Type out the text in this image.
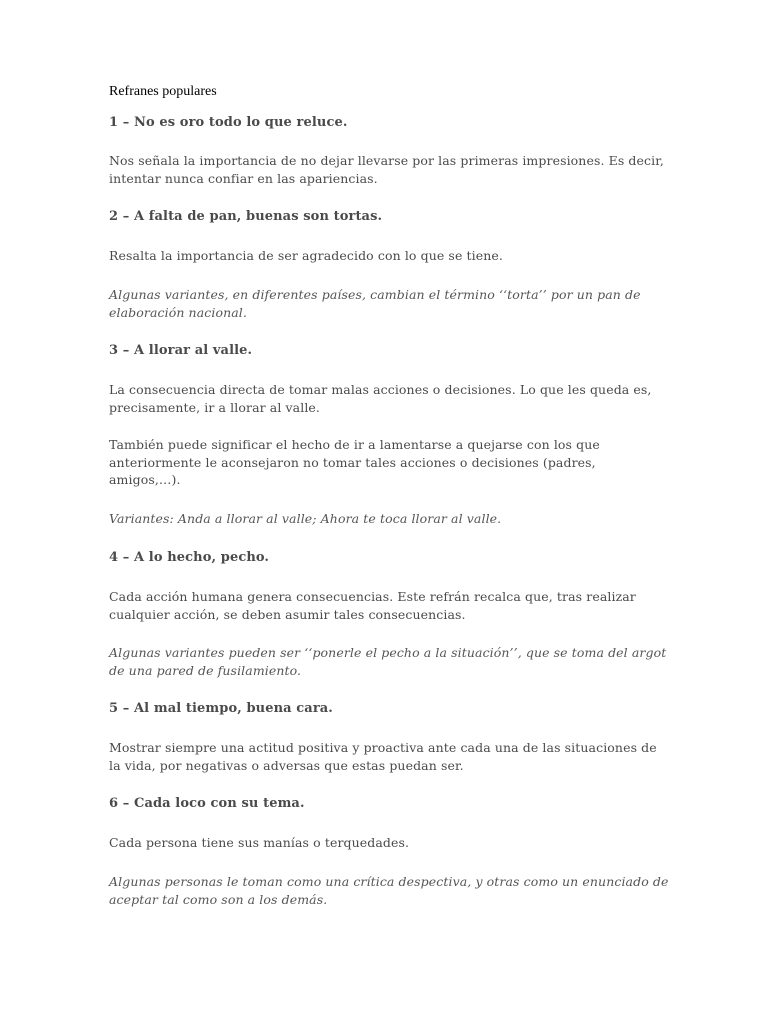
Refranes populares

1 – No es oro todo lo que reluce.

Nos señala la importancia de no dejar llevarse por las primeras impresiones. Es decir, intentar nunca confiar en las apariencias.

2 – A falta de pan, buenas son tortas.

Resalta la importancia de ser agradecido con lo que se tiene.

Algunas variantes, en diferentes países, cambian el término ‘‘torta’’ por un pan de elaboración nacional.

3 – A llorar al valle.

La consecuencia directa de tomar malas acciones o decisiones. Lo que les queda es, precisamente, ir a llorar al valle.

También puede significar el hecho de ir a lamentarse a quejarse con los que anteriormente le aconsejaron no tomar tales acciones o decisiones (padres, amigos,…).

Variantes: Anda a llorar al valle; Ahora te toca llorar al valle.

4 – A lo hecho, pecho.

Cada acción humana genera consecuencias. Este refrán recalca que, tras realizar cualquier acción, se deben asumir tales consecuencias.

Algunas variantes pueden ser ‘‘ponerle el pecho a la situación’’, que se toma del argot de una pared de fusilamiento.

5 – Al mal tiempo, buena cara.

Mostrar siempre una actitud positiva y proactiva ante cada una de las situaciones de la vida, por negativas o adversas que estas puedan ser.

6 – Cada loco con su tema.

Cada persona tiene sus manías o terquedades.

Algunas personas le toman como una crítica despectiva, y otras como un enunciado de aceptar tal como son a los demás.
